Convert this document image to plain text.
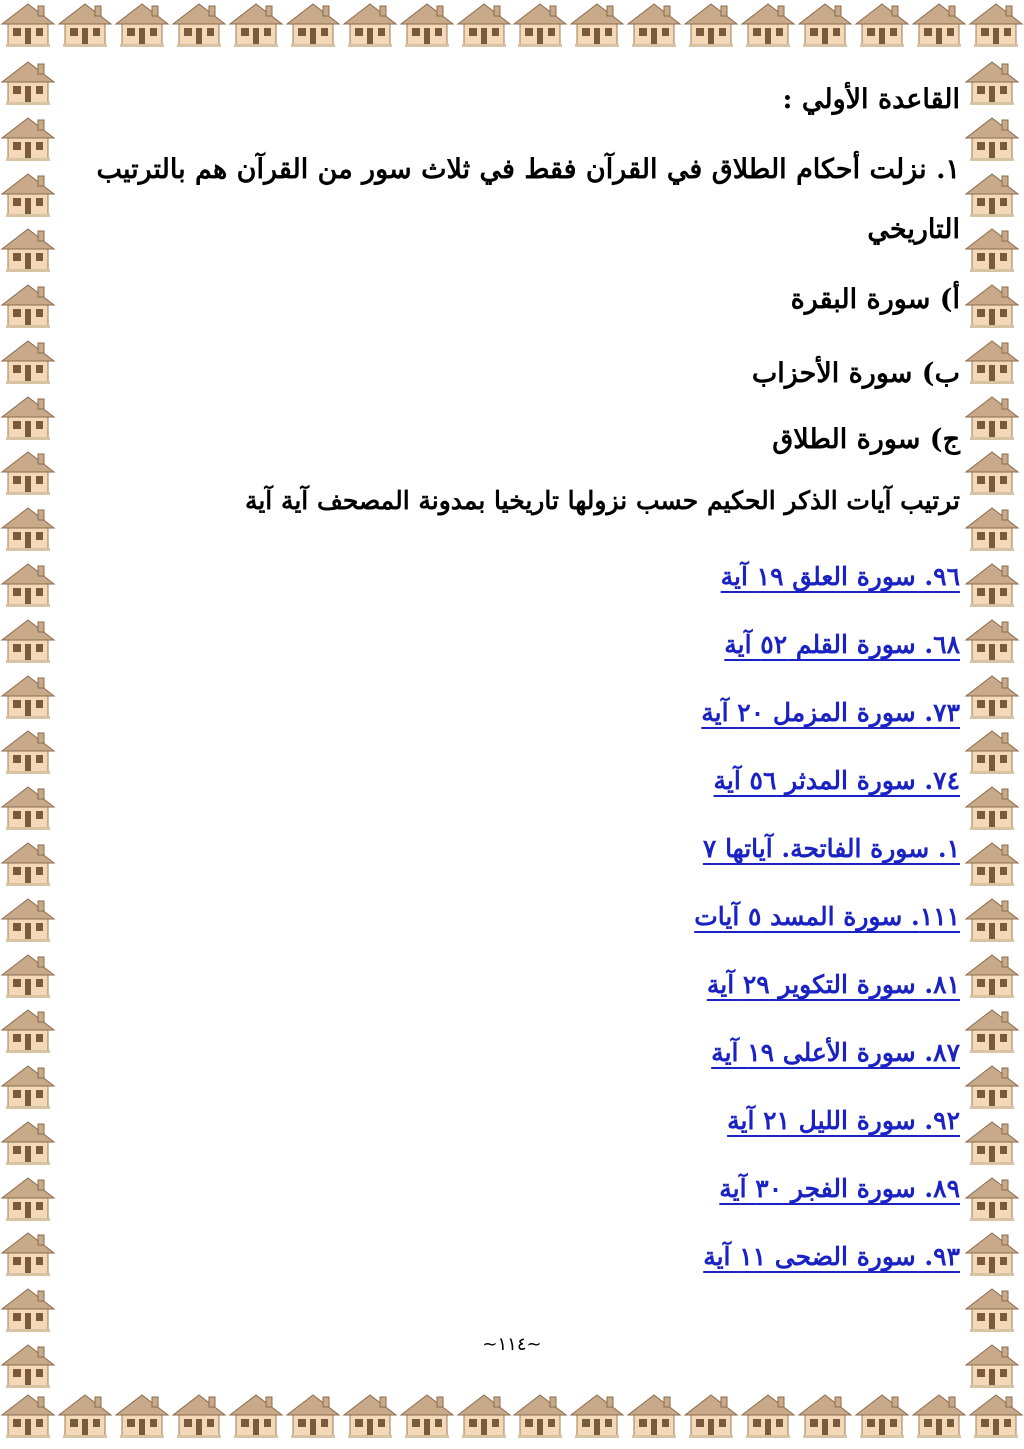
القاعدة الأولي :
١. نزلت أحكام الطلاق في القرآن فقط في ثلاث سور من القرآن هم بالترتيب
التاريخي
أ) سورة البقرة
ب) سورة الأحزاب
ج) سورة الطلاق
ترتيب آيات الذكر الحكيم حسب نزولها تاريخيا بمدونة المصحف آية آية
٩٦. سورة العلق ١٩ آية
٦٨. سورة القلم ٥٢ آية
٧٣. سورة المزمل ٢٠ آية
٧٤. سورة المدثر ٥٦ آية
١. سورة الفاتحة. آياتها ٧
١١١. سورة المسد ٥ آيات
٨١. سورة التكوير ٢٩ آية
٨٧. سورة الأعلى ١٩ آية
٩٢. سورة الليل ٢١ آية
٨٩. سورة الفجر ٣٠ آية
٩٣. سورة الضحى ١١ آية
~١١٤~
